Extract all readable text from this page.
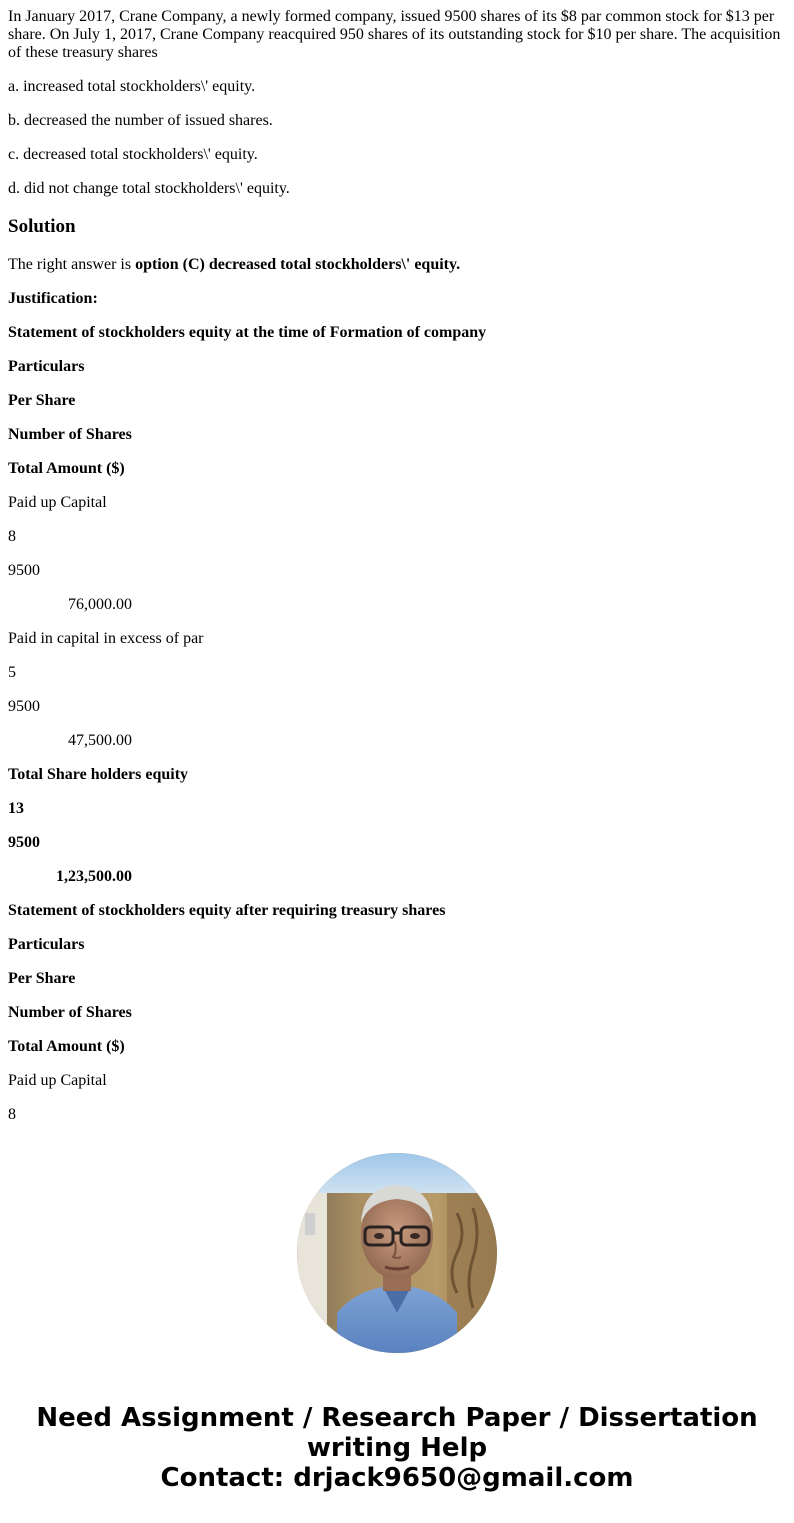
In January 2017, Crane Company, a newly formed company, issued 9500 shares of its $8 par common stock for $13 per share. On July 1, 2017, Crane Company reacquired 950 shares of its outstanding stock for $10 per share. The acquisition of these treasury shares

a. increased total stockholders\' equity.

b. decreased the number of issued shares.

c. decreased total stockholders\' equity.

d. did not change total stockholders\' equity.

Solution

The right answer is option (C) decreased total stockholders\' equity.

Justification:

Statement of stockholders equity at the time of Formation of company

Particulars

Per Share

Number of Shares

Total Amount ($)

Paid up Capital

8

9500

76,000.00

Paid in capital in excess of par

5

9500

47,500.00

Total Share holders equity

13

9500

1,23,500.00

Statement of stockholders equity after requiring treasury shares

Particulars

Per Share

Number of Shares

Total Amount ($)

Paid up Capital

8

Need Assignment / Research Paper / Dissertation
writing Help
Contact: drjack9650@gmail.com
